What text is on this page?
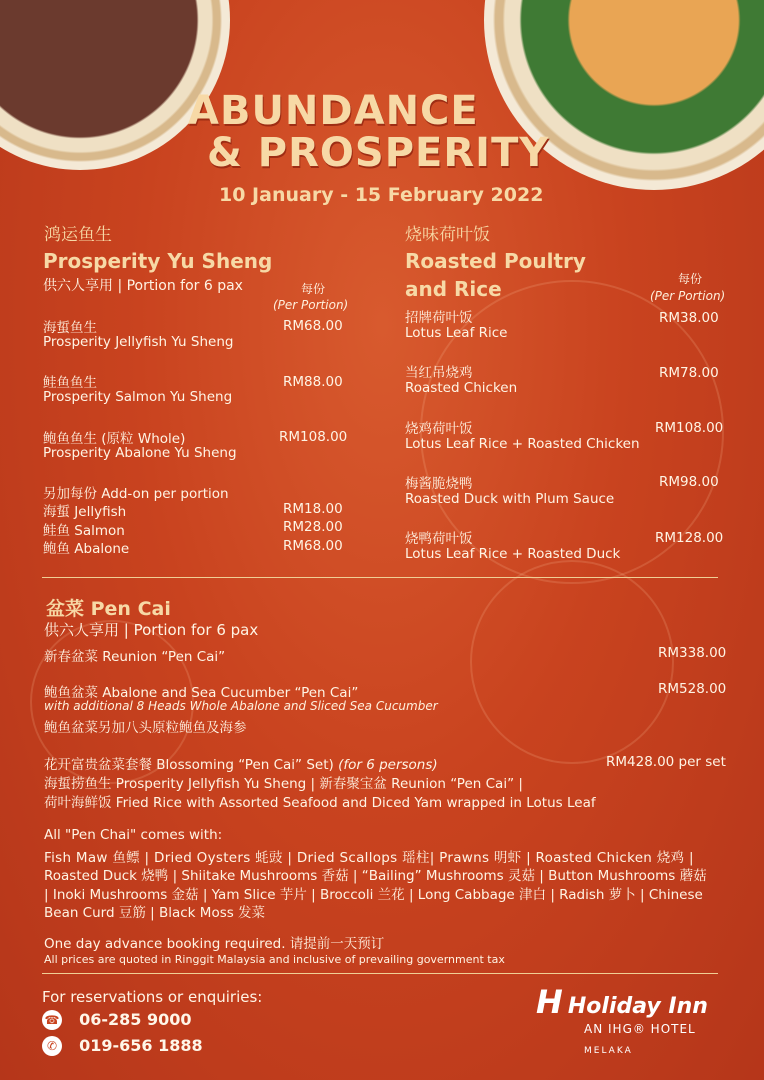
ABUNDANCE
& PROSPERITY
10 January - 15 February 2022
鸿运鱼生
Prosperity Yu Sheng
供六人享用 | Portion for 6 pax	每份
(Per Portion)
海蜇鱼生
Prosperity Jellyfish Yu Sheng
RM68.00
鲑鱼鱼生
Prosperity Salmon Yu Sheng
RM88.00
鲍鱼鱼生 (原粒 Whole)
Prosperity Abalone Yu Sheng
RM108.00
另加每份 Add-on per portion
海蜇 Jellyfish	RM18.00
鲑鱼 Salmon	RM28.00
鲍鱼 Abalone	RM68.00
烧味荷叶饭
Roasted Poultry
and Rice	每份
(Per Portion)
招牌荷叶饭
Lotus Leaf Rice
RM38.00
当红吊烧鸡
Roasted Chicken
RM78.00
烧鸡荷叶饭
Lotus Leaf Rice + Roasted Chicken
RM108.00
梅酱脆烧鸭
Roasted Duck with Plum Sauce
RM98.00
烧鸭荷叶饭
Lotus Leaf Rice + Roasted Duck
RM128.00
盆菜 Pen Cai
供六人享用 | Portion for 6 pax
新春盆菜 Reunion “Pen Cai”	RM338.00
鲍鱼盆菜 Abalone and Sea Cucumber “Pen Cai”	RM528.00
with additional 8 Heads Whole Abalone and Sliced Sea Cucumber
鲍鱼盆菜另加八头原粒鲍鱼及海参
花开富贵盆菜套餐 Blossoming “Pen Cai” Set) (for 6 persons)	RM428.00 per set
海蜇捞鱼生 Prosperity Jellyfish Yu Sheng | 新春聚宝盆 Reunion “Pen Cai” |
荷叶海鲜饭 Fried Rice with Assorted Seafood and Diced Yam wrapped in Lotus Leaf
All "Pen Chai" comes with:
Fish Maw 鱼鳔 | Dried Oysters 蚝豉 | Dried Scallops 瑶柱| Prawns 明虾 | Roasted Chicken 烧鸡 |
Roasted Duck 烧鸭 | Shiitake Mushrooms 香菇 | “Bailing” Mushrooms 灵菇 | Button Mushrooms 蘑菇
| Inoki Mushrooms 金菇 | Yam Slice 芋片 | Broccoli 兰花 | Long Cabbage 津白 | Radish 萝卜 | Chinese
Bean Curd 豆筋 | Black Moss 发菜
One day advance booking required. 请提前一天预订
All prices are quoted in Ringgit Malaysia and inclusive of prevailing government tax
For reservations or enquiries:
☎ 06-285 9000
✆ 019-656 1888
H Holiday Inn
AN IHG® HOTEL
MELAKA
